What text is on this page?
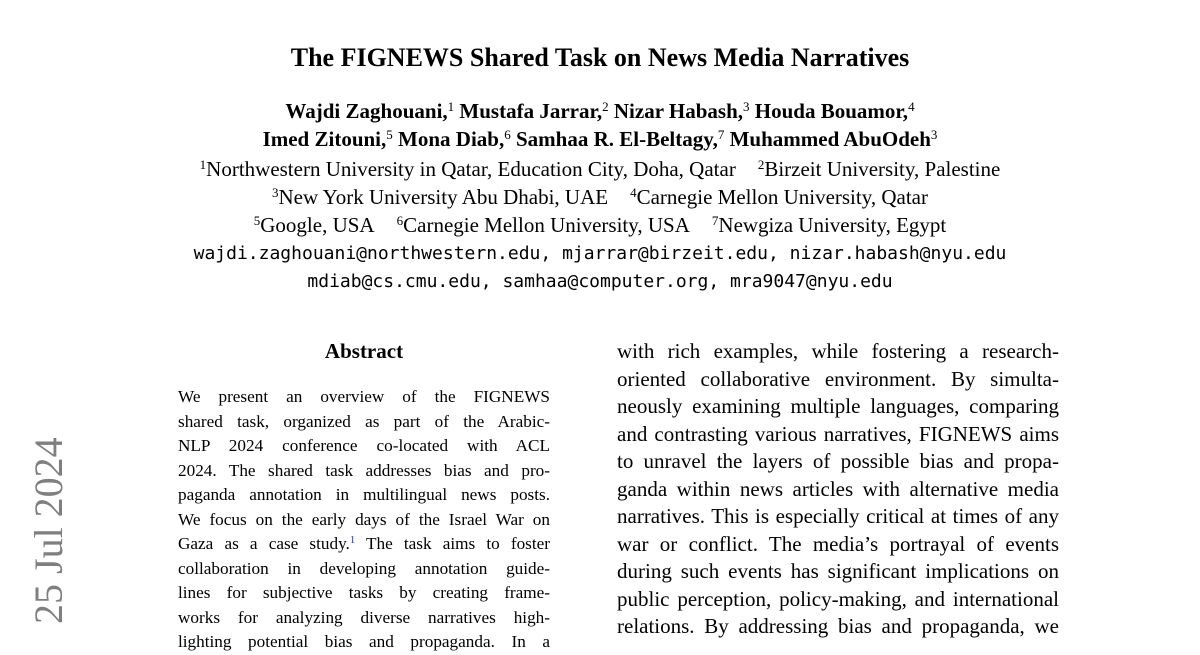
25 Jul 2024
The FIGNEWS Shared Task on News Media Narratives
Wajdi Zaghouani,$^1$ Mustafa Jarrar,$^2$ Nizar Habash,$^3$ Houda Bouamor,$^4$
Imed Zitouni,$^5$ Mona Diab,$^6$ Samhaa R. El-Beltagy,$^7$ Muhammed AbuOdeh$^3$
$^1$Northwestern University in Qatar, Education City, Doha, Qatar $^2$Birzeit University, Palestine
$^3$New York University Abu Dhabi, UAE $^4$Carnegie Mellon University, Qatar
$^5$Google, USA $^6$Carnegie Mellon University, USA $^7$Newgiza University, Egypt
wajdi.zaghouani@northwestern.edu, mjarrar@birzeit.edu, nizar.habash@nyu.edu
mdiab@cs.cmu.edu, samhaa@computer.org, mra9047@nyu.edu
Abstract
We present an overview of the FIGNEWS
shared task, organized as part of the Arabic-
NLP 2024 conference co-located with ACL
2024. The shared task addresses bias and pro-
paganda annotation in multilingual news posts.
We focus on the early days of the Israel War on
Gaza as a case study.$^1$ The task aims to foster
collaboration in developing annotation guide-
lines for subjective tasks by creating frame-
works for analyzing diverse narratives high-
lighting potential bias and propaganda. In a
with rich examples, while fostering a research-
oriented collaborative environment. By simulta-
neously examining multiple languages, comparing
and contrasting various narratives, FIGNEWS aims
to unravel the layers of possible bias and propa-
ganda within news articles with alternative media
narratives. This is especially critical at times of any
war or conflict. The media’s portrayal of events
during such events has significant implications on
public perception, policy-making, and international
relations. By addressing bias and propaganda, we
